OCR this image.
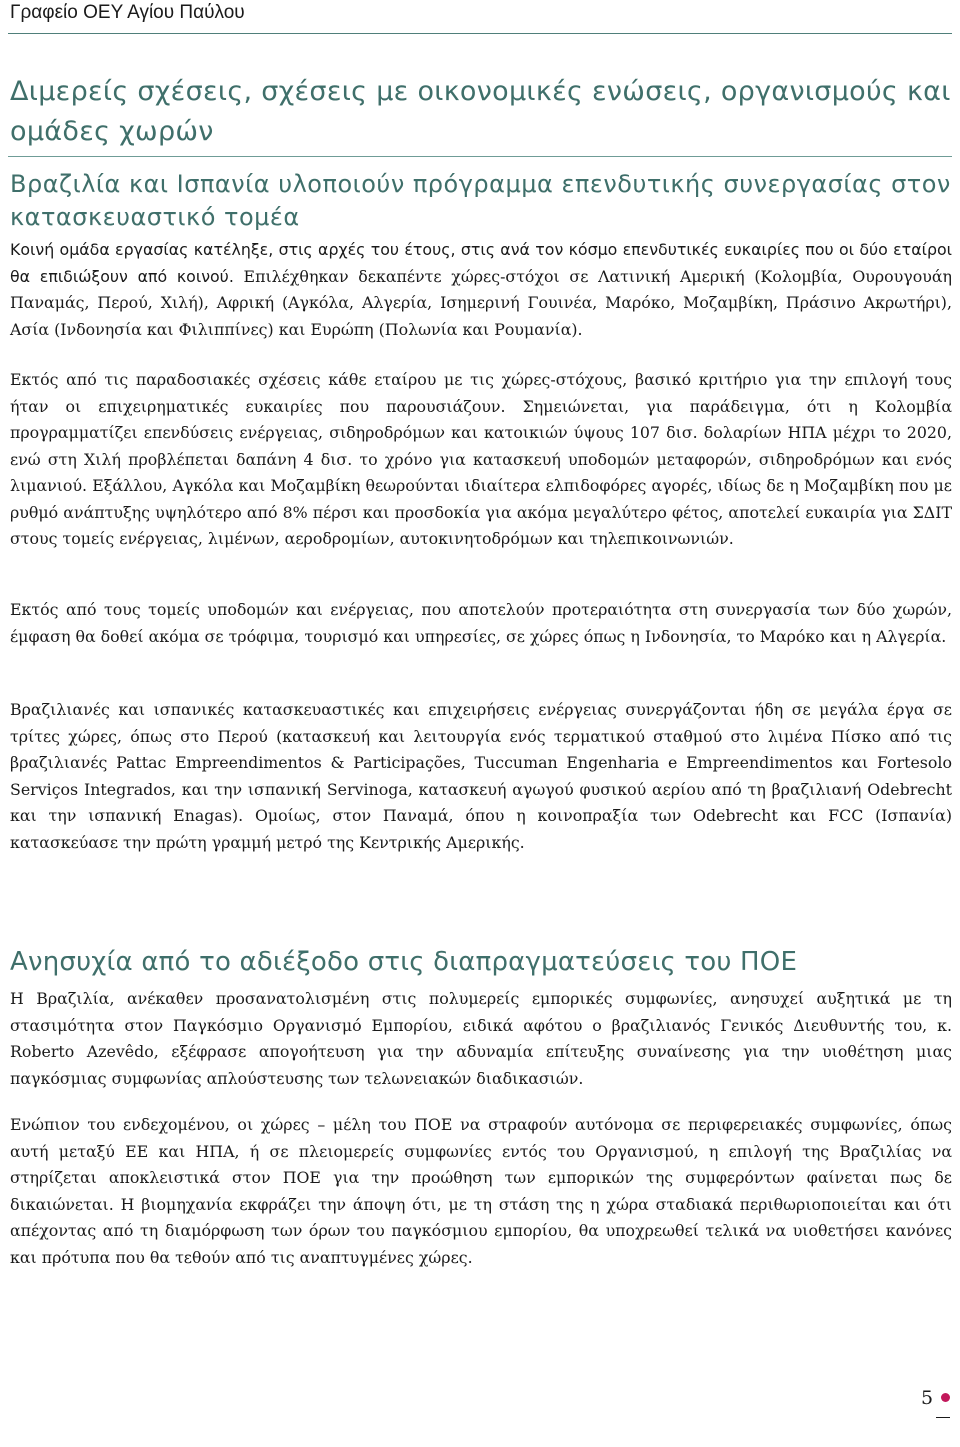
Γραφείο ΟΕΥ Αγίου Παύλου
Διμερείς σχέσεις, σχέσεις με οικονομικές ενώσεις, οργανισμούς και ομάδες χωρών
Βραζιλία και Ισπανία υλοποιούν πρόγραμμα επενδυτικής συνεργασίας στον κατασκευαστικό τομέα

Κοινή ομάδα εργασίας κατέληξε, στις αρχές του έτους, στις ανά τον κόσμο επενδυτικές ευκαιρίες που οι δύο εταίροι θα επιδιώξουν από κοινού. Επιλέχθηκαν δεκαπέντε χώρες-στόχοι σε Λατινική Αμερική (Κολομβία, Ουρουγουάη Παναμάς, Περού, Χιλή), Αφρική (Αγκόλα, Αλγερία, Ισημερινή Γουινέα, Μαρόκο, Μοζαμβίκη, Πράσινο Ακρωτήρι), Ασία (Ινδονησία και Φιλιππίνες) και Ευρώπη (Πολωνία και Ρουμανία).

Εκτός από τις παραδοσιακές σχέσεις κάθε εταίρου με τις χώρες-στόχους, βασικό κριτήριο για την επιλογή τους ήταν οι επιχειρηματικές ευκαιρίες που παρουσιάζουν. Σημειώνεται, για παράδειγμα, ότι η Κολομβία προγραμματίζει επενδύσεις ενέργειας, σιδηροδρόμων και κατοικιών ύψους 107 δισ. δολαρίων ΗΠΑ μέχρι το 2020, ενώ στη Χιλή προβλέπεται δαπάνη 4 δισ. το χρόνο για κατασκευή υποδομών μεταφορών, σιδηροδρόμων και ενός λιμανιού. Εξάλλου, Αγκόλα και Μοζαμβίκη θεωρούνται ιδιαίτερα ελπιδοφόρες αγορές, ιδίως δε η Μοζαμβίκη που με ρυθμό ανάπτυξης υψηλότερο από 8% πέρσι και προσδοκία για ακόμα μεγαλύτερο φέτος, αποτελεί ευκαιρία για ΣΔΙΤ στους τομείς ενέργειας, λιμένων, αεροδρομίων, αυτοκινητοδρόμων και τηλεπικοινωνιών.

Εκτός από τους τομείς υποδομών και ενέργειας, που αποτελούν προτεραιότητα στη συνεργασία των δύο χωρών, έμφαση θα δοθεί ακόμα σε τρόφιμα, τουρισμό και υπηρεσίες, σε χώρες όπως η Ινδονησία, το Μαρόκο και η Αλγερία.

Βραζιλιανές και ισπανικές κατασκευαστικές και επιχειρήσεις ενέργειας συνεργάζονται ήδη σε μεγάλα έργα σε τρίτες χώρες, όπως στο Περού (κατασκευή και λειτουργία ενός τερματικού σταθμού στο λιμένα Πίσκο από τις βραζιλιανές Pattac Empreendimentos & Participações, Tuccuman Engenharia e Empreendimentos και Fortesolo Serviços Integrados, και την ισπανική Servinoga, κατασκευή αγωγού φυσικού αερίου από τη βραζιλιανή Odebrecht και την ισπανική Enagas). Ομοίως, στον Παναμά, όπου η κοινοπραξία των Odebrecht και FCC (Ισπανία) κατασκεύασε την πρώτη γραμμή μετρό της Κεντρικής Αμερικής.

Ανησυχία από το αδιέξοδο στις διαπραγματεύσεις του ΠΟΕ

Η Βραζιλία, ανέκαθεν προσανατολισμένη στις πολυμερείς εμπορικές συμφωνίες, ανησυχεί αυξητικά με τη στασιμότητα στον Παγκόσμιο Οργανισμό Εμπορίου, ειδικά αφότου ο βραζιλιανός Γενικός Διευθυντής του, κ. Roberto Azevêdo, εξέφρασε απογοήτευση για την αδυναμία επίτευξης συναίνεσης για την υιοθέτηση μιας παγκόσμιας συμφωνίας απλούστευσης των τελωνειακών διαδικασιών.

Ενώπιον του ενδεχομένου, οι χώρες – μέλη του ΠΟΕ να στραφούν αυτόνομα σε περιφερειακές συμφωνίες, όπως αυτή μεταξύ ΕΕ και ΗΠΑ, ή σε πλειομερείς συμφωνίες εντός του Οργανισμού, η επιλογή της Βραζιλίας να στηρίζεται αποκλειστικά στον ΠΟΕ για την προώθηση των εμπορικών της συμφερόντων φαίνεται πως δε δικαιώνεται. Η βιομηχανία εκφράζει την άποψη ότι, με τη στάση της η χώρα σταδιακά περιθωριοποιείται και ότι απέχοντας από τη διαμόρφωση των όρων του παγκόσμιου εμπορίου, θα υποχρεωθεί τελικά να υιοθετήσει κανόνες και πρότυπα που θα τεθούν από τις αναπτυγμένες χώρες.

5
